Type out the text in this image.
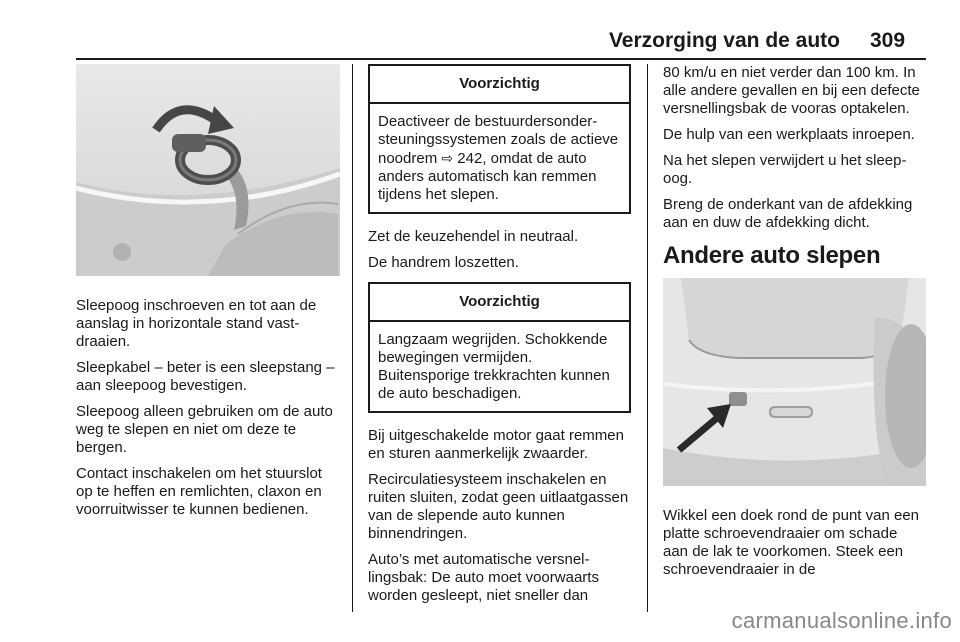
Verzorging van de auto 309

Sleepoog inschroeven en tot aan de aanslag in horizontale stand vastdraaien.

Sleepkabel – beter is een sleepstang – aan sleepoog bevestigen.

Sleepoog alleen gebruiken om de auto weg te slepen en niet om deze te bergen.

Contact inschakelen om het stuurslot op te heffen en remlichten, claxon en voorruitwisser te kunnen bedienen.

Voorzichtig
Deactiveer de bestuurdersondersteuningssystemen zoals de actieve noodrem ⇨ 242, omdat de auto anders automatisch kan remmen tijdens het slepen.

Zet de keuzehendel in neutraal.

De handrem loszetten.

Voorzichtig
Langzaam wegrijden. Schokkende bewegingen vermijden. Buitensporige trekkrachten kunnen de auto beschadigen.

Bij uitgeschakelde motor gaat remmen en sturen aanmerkelijk zwaarder.

Recirculatiesysteem inschakelen en ruiten sluiten, zodat geen uitlaatgassen van de slepende auto kunnen binnendringen.

Auto’s met automatische versnellingsbak: De auto moet voorwaarts worden gesleept, niet sneller dan

80 km/u en niet verder dan 100 km. In alle andere gevallen en bij een defecte versnellingsbak de vooras optakelen.

De hulp van een werkplaats inroepen.

Na het slepen verwijdert u het sleepoog.

Breng de onderkant van de afdekking aan en duw de afdekking dicht.

Andere auto slepen

Wikkel een doek rond de punt van een platte schroevendraaier om schade aan de lak te voorkomen. Steek een schroevendraaier in de

carmanualsonline.info
